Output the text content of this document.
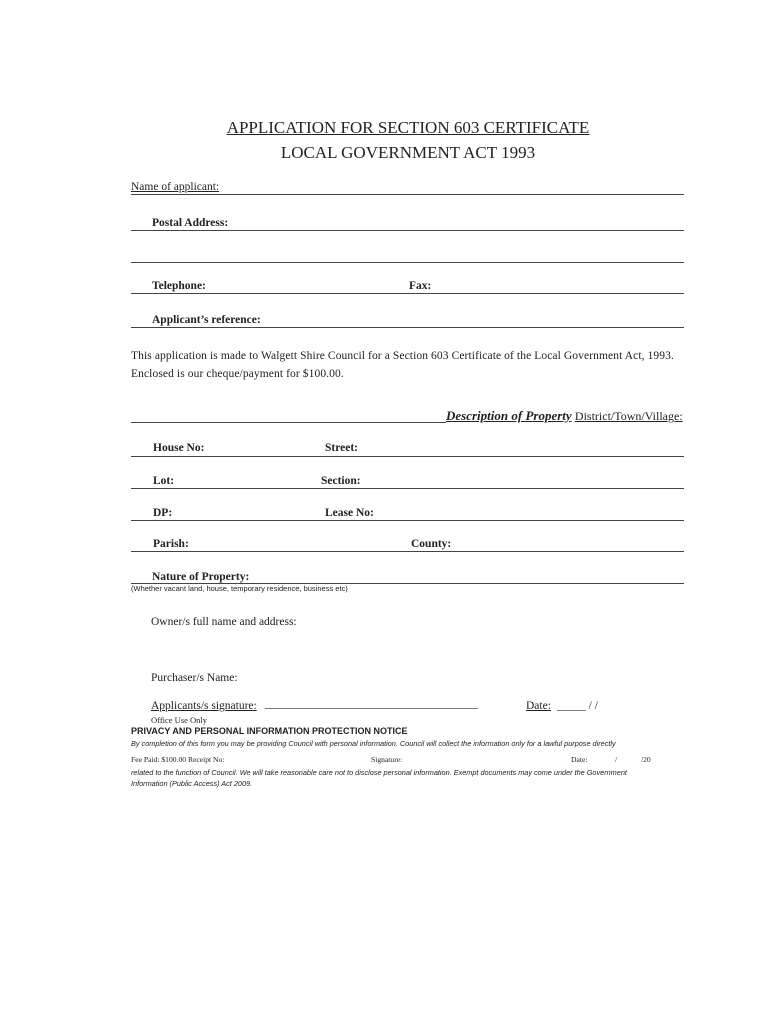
APPLICATION FOR SECTION 603 CERTIFICATE
LOCAL GOVERNMENT ACT 1993
Name of applicant:
Postal Address:
Telephone:	Fax:
Applicant’s reference:
This application is made to Walgett Shire Council for a Section 603 Certificate of the Local Government Act, 1993. Enclosed is our cheque/payment for $100.00.
Description of Property District/Town/Village:
House No:	Street:
Lot:	Section:
DP:	Lease No:
Parish:	County:
Nature of Property:
(Whether vacant land, house, temporary residence, business etc)
Owner/s full name and address:
Purchaser/s Name:
Applicants/s signature: _______________________________________	Date: _____ / /
Office Use Only
PRIVACY AND PERSONAL INFORMATION PROTECTION NOTICE
By completion of this form you may be providing Council with personal information. Council will collect the information only for a lawful purpose directly
Fee Paid: $100.00 Receipt No:	Signature:	Date:	/	/20
related to the function of Council. We will take reasonable care not to disclose personal information. Exempt documents may come under the Government
Information (Public Access) Act 2009.
